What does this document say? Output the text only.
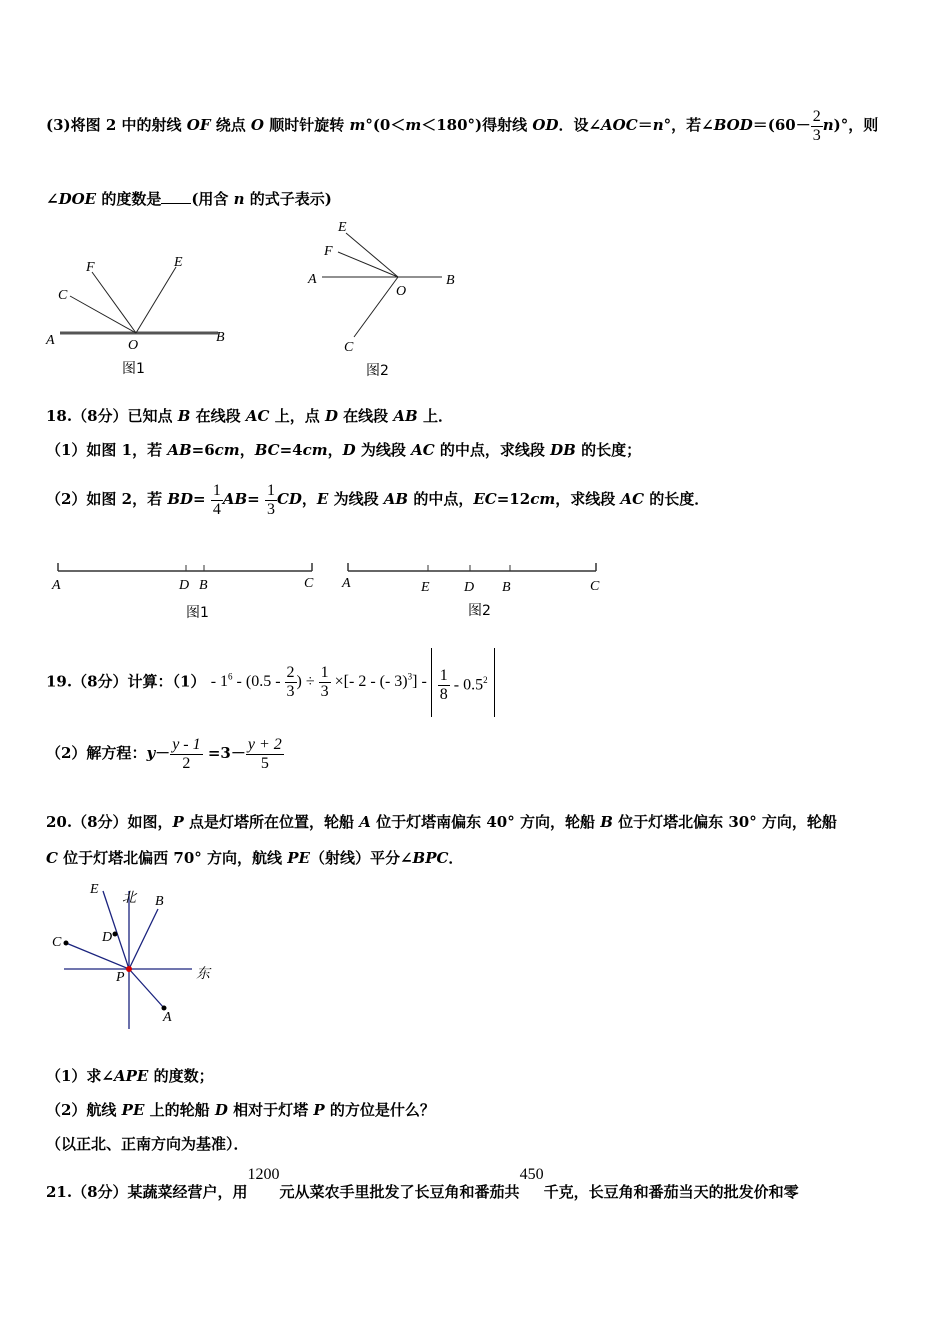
(3)将图 2 中的射线 OF 绕点 O 顺时针旋转 m°(0＜m＜180°)得射线 OD．设∠AOC＝n°，若∠BOD＝(60－ $\frac{2}{3} n)^\circ$，则
∠DOE 的度数是 (用含 n 的式子表示)
F	E
C
A	O
B
图1
E
F
A
O
B
C
图2
18.（8分）已知点 B 在线段 AC 上，点 D 在线段 AB 上．
（1）如图 1，若 AB=6cm，BC=4cm，D 为线段 AC 的中点，求线段 DB 的长度；
（2）如图 2，若 $BD= \frac{1}{4} AB= \frac{1}{3}$ CD，E 为线段 AB 的中点，EC=12cm，求线段 AC 的长度．
A	D B	C
图1
A	E D B	C
图2
19.（8分）计算：$(1) - 1^6 - (0.5 - \frac{2}{3}$ ) ÷ $\frac{1}{3}$ ×[- 2 - (- $3)^3] - \frac{1}{8} - 0.5^2$
（2）解方程：$y- \frac{y - 1}{2} =3- \frac{y + 2}{5}$
20.（8分）如图，P 点是灯塔所在位置，轮船 A 位于灯塔南偏东 40° 方向，轮船 B 位于灯塔北偏东 30° 方向，轮船
C 位于灯塔北偏西 70° 方向，航线 PE（射线）平分∠BPC．
E
北 B
D
C
P	东
A
（1）求∠APE 的度数；
（2）航线 PE 上的轮船 D 相对于灯塔 P 的方位是什么？
（以正北、正南方向为基准）．
21.（8分）某蔬菜经营户，用1200元从菜农手里批发了长豆角和番茄共450千克，长豆角和番茄当天的批发价和零
